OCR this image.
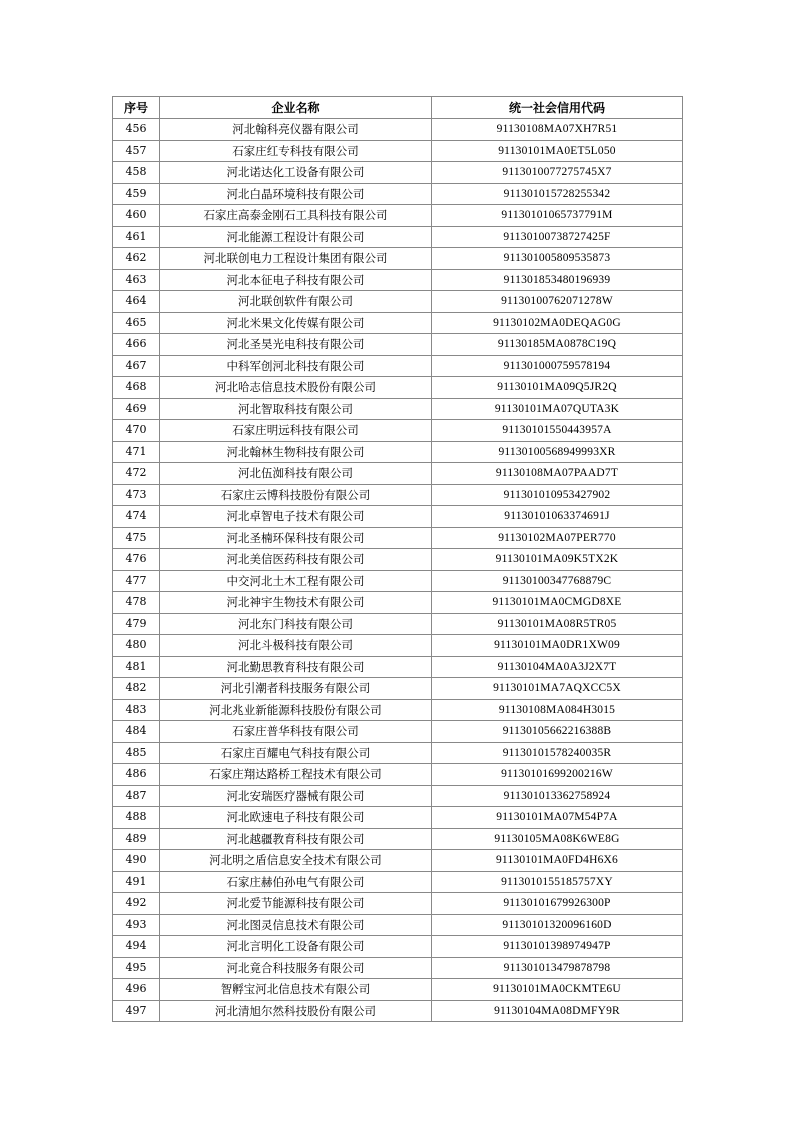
序号	企业名称	统一社会信用代码
456	河北翰科亮仪器有限公司	91130108MA07XH7R51
457	石家庄红专科技有限公司	91130101MA0ET5L050
458	河北诺达化工设备有限公司	9113010077275745X7
459	河北白晶环境科技有限公司	911301015728255342
460	石家庄高泰金刚石工具科技有限公司	91130101065737791M
461	河北能源工程设计有限公司	91130100738727425F
462	河北联创电力工程设计集团有限公司	911301005809535873
463	河北本征电子科技有限公司	911301853480196939
464	河北联创软件有限公司	91130100762071278W
465	河北米果文化传媒有限公司	91130102MA0DEQAG0G
466	河北圣昊光电科技有限公司	91130185MA0878C19Q
467	中科军创河北科技有限公司	911301000759578194
468	河北哈志信息技术股份有限公司	91130101MA09Q5JR2Q
469	河北智取科技有限公司	91130101MA07QUTA3K
470	石家庄明远科技有限公司	91130101550443957A
471	河北翰林生物科技有限公司	91130100568949993XR
472	河北伍洳科技有限公司	91130108MA07PAAD7T
473	石家庄云博科技股份有限公司	911301010953427902
474	河北卓智电子技术有限公司	91130101063374691J
475	河北圣楠环保科技有限公司	91130102MA07PER770
476	河北美信医药科技有限公司	91130101MA09K5TX2K
477	中交河北土木工程有限公司	91130100347768879C
478	河北神宇生物技术有限公司	91130101MA0CMGD8XE
479	河北东门科技有限公司	91130101MA08R5TR05
480	河北斗极科技有限公司	91130101MA0DR1XW09
481	河北勤思教育科技有限公司	91130104MA0A3J2X7T
482	河北引潮者科技服务有限公司	91130101MA7AQXCC5X
483	河北兆业新能源科技股份有限公司	91130108MA084H3015
484	石家庄普华科技有限公司	91130105662216388B
485	石家庄百耀电气科技有限公司	91130101578240035R
486	石家庄翔达路桥工程技术有限公司	91130101699200216W
487	河北安瑞医疗器械有限公司	911301013362758924
488	河北欧速电子科技有限公司	91130101MA07M54P7A
489	河北越疆教育科技有限公司	91130105MA08K6WE8G
490	河北明之盾信息安全技术有限公司	91130101MA0FD4H6X6
491	石家庄赫伯孙电气有限公司	9113010155185757XY
492	河北爱节能源科技有限公司	91130101679926300P
493	河北图灵信息技术有限公司	91130101320096160D
494	河北言明化工设备有限公司	91130101398974947P
495	河北竟合科技服务有限公司	911301013479878798
496	智孵宝河北信息技术有限公司	91130101MA0CKMTE6U
497	河北清旭尔然科技股份有限公司	91130104MA08DMFY9R
